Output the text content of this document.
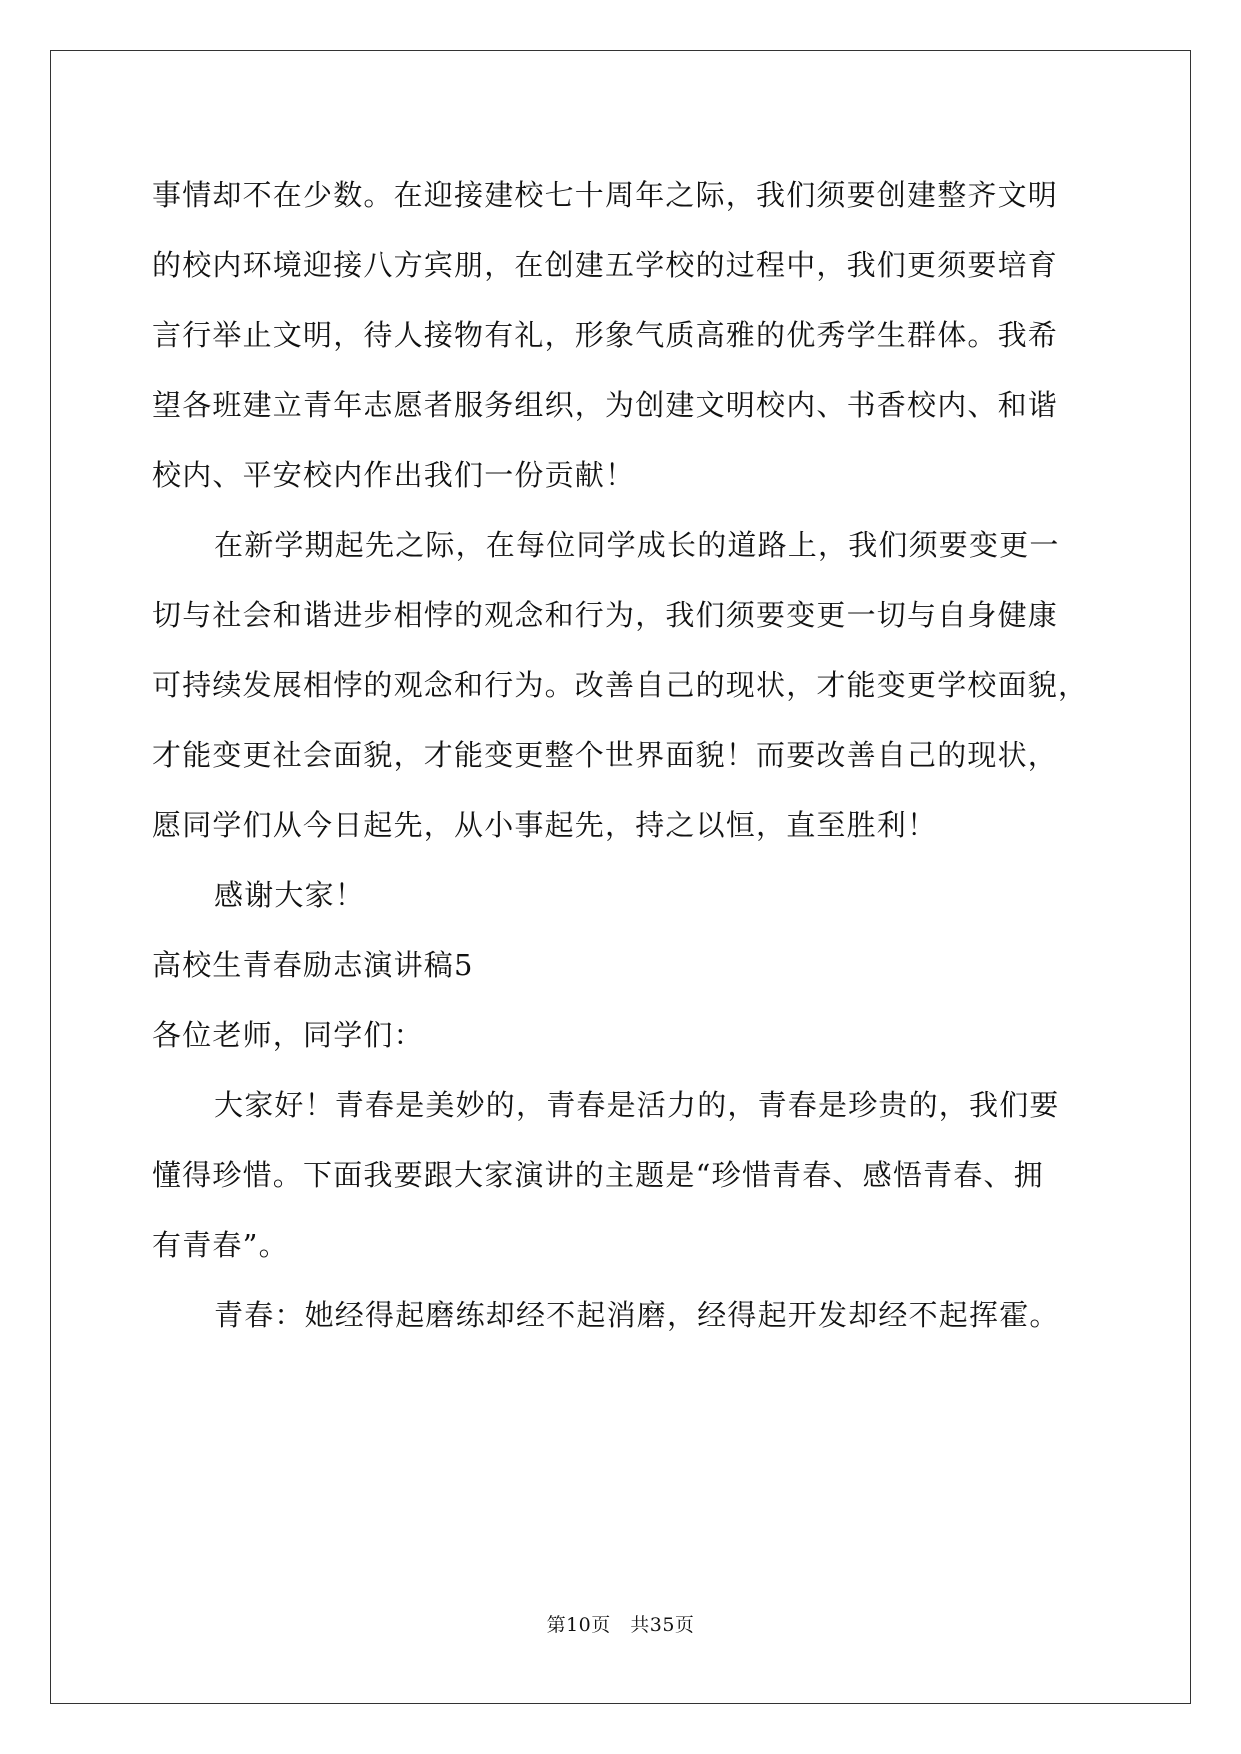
事情却不在少数。在迎接建校七十周年之际，我们须要创建整齐文明
的校内环境迎接八方宾朋，在创建五学校的过程中，我们更须要培育
言行举止文明，待人接物有礼，形象气质高雅的优秀学生群体。我希
望各班建立青年志愿者服务组织，为创建文明校内、书香校内、和谐
校内、平安校内作出我们一份贡献！
在新学期起先之际，在每位同学成长的道路上，我们须要变更一
切与社会和谐进步相悖的观念和行为，我们须要变更一切与自身健康
可持续发展相悖的观念和行为。改善自己的现状，才能变更学校面貌，
才能变更社会面貌，才能变更整个世界面貌！而要改善自己的现状，
愿同学们从今日起先，从小事起先，持之以恒，直至胜利！
感谢大家！
高校生青春励志演讲稿5
各位老师，同学们：
大家好！青春是美妙的，青春是活力的，青春是珍贵的，我们要
懂得珍惜。下面我要跟大家演讲的主题是“珍惜青春、感悟青春、拥
有青春”。
青春：她经得起磨练却经不起消磨，经得起开发却经不起挥霍。
第10页　共35页
